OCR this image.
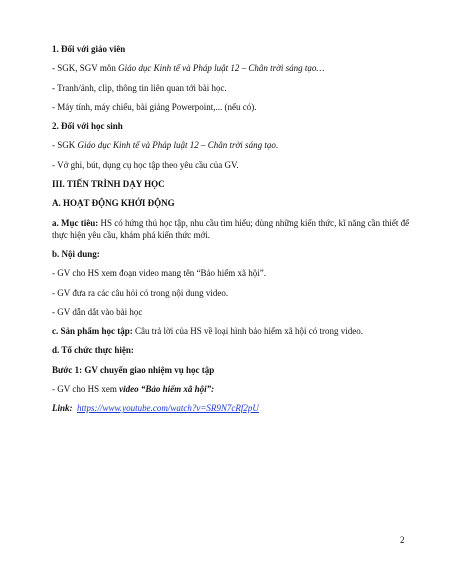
1. Đối với giáo viên
- SGK, SGV môn Giáo dục Kinh tế và Pháp luật 12 – Chân trời sáng tạo…
- Tranh/ảnh, clip, thông tin liên quan tới bài học.
- Máy tính, máy chiếu, bài giảng Powerpoint,... (nếu có).
2. Đối với học sinh
- SGK Giáo dục Kinh tế và Pháp luật 12 – Chân trời sáng tạo.
- Vở ghi, bút, dụng cụ học tập theo yêu cầu của GV.
III. TIẾN TRÌNH DẠY HỌC
A. HOẠT ĐỘNG KHỞI ĐỘNG
a. Mục tiêu: HS có hứng thú học tập, nhu cầu tìm hiểu; dùng những kiến thức, kĩ năng cần thiết để thực hiện yêu cầu, khám phá kiến thức mới.
b. Nội dung:
- GV cho HS xem đoạn video mang tên “Bảo hiểm xã hội”.
- GV đưa ra các câu hỏi có trong nội dung video.
- GV dẫn dắt vào bài học
c. Sản phẩm học tập: Câu trả lời của HS về loại hình bảo hiểm xã hội có trong video.
d. Tổ chức thực hiện:
Bước 1: GV chuyển giao nhiệm vụ học tập
- GV cho HS xem video “Bảo hiểm xã hội”:
Link: https://www.youtube.com/watch?v=SR9N7cRf2pU
2
